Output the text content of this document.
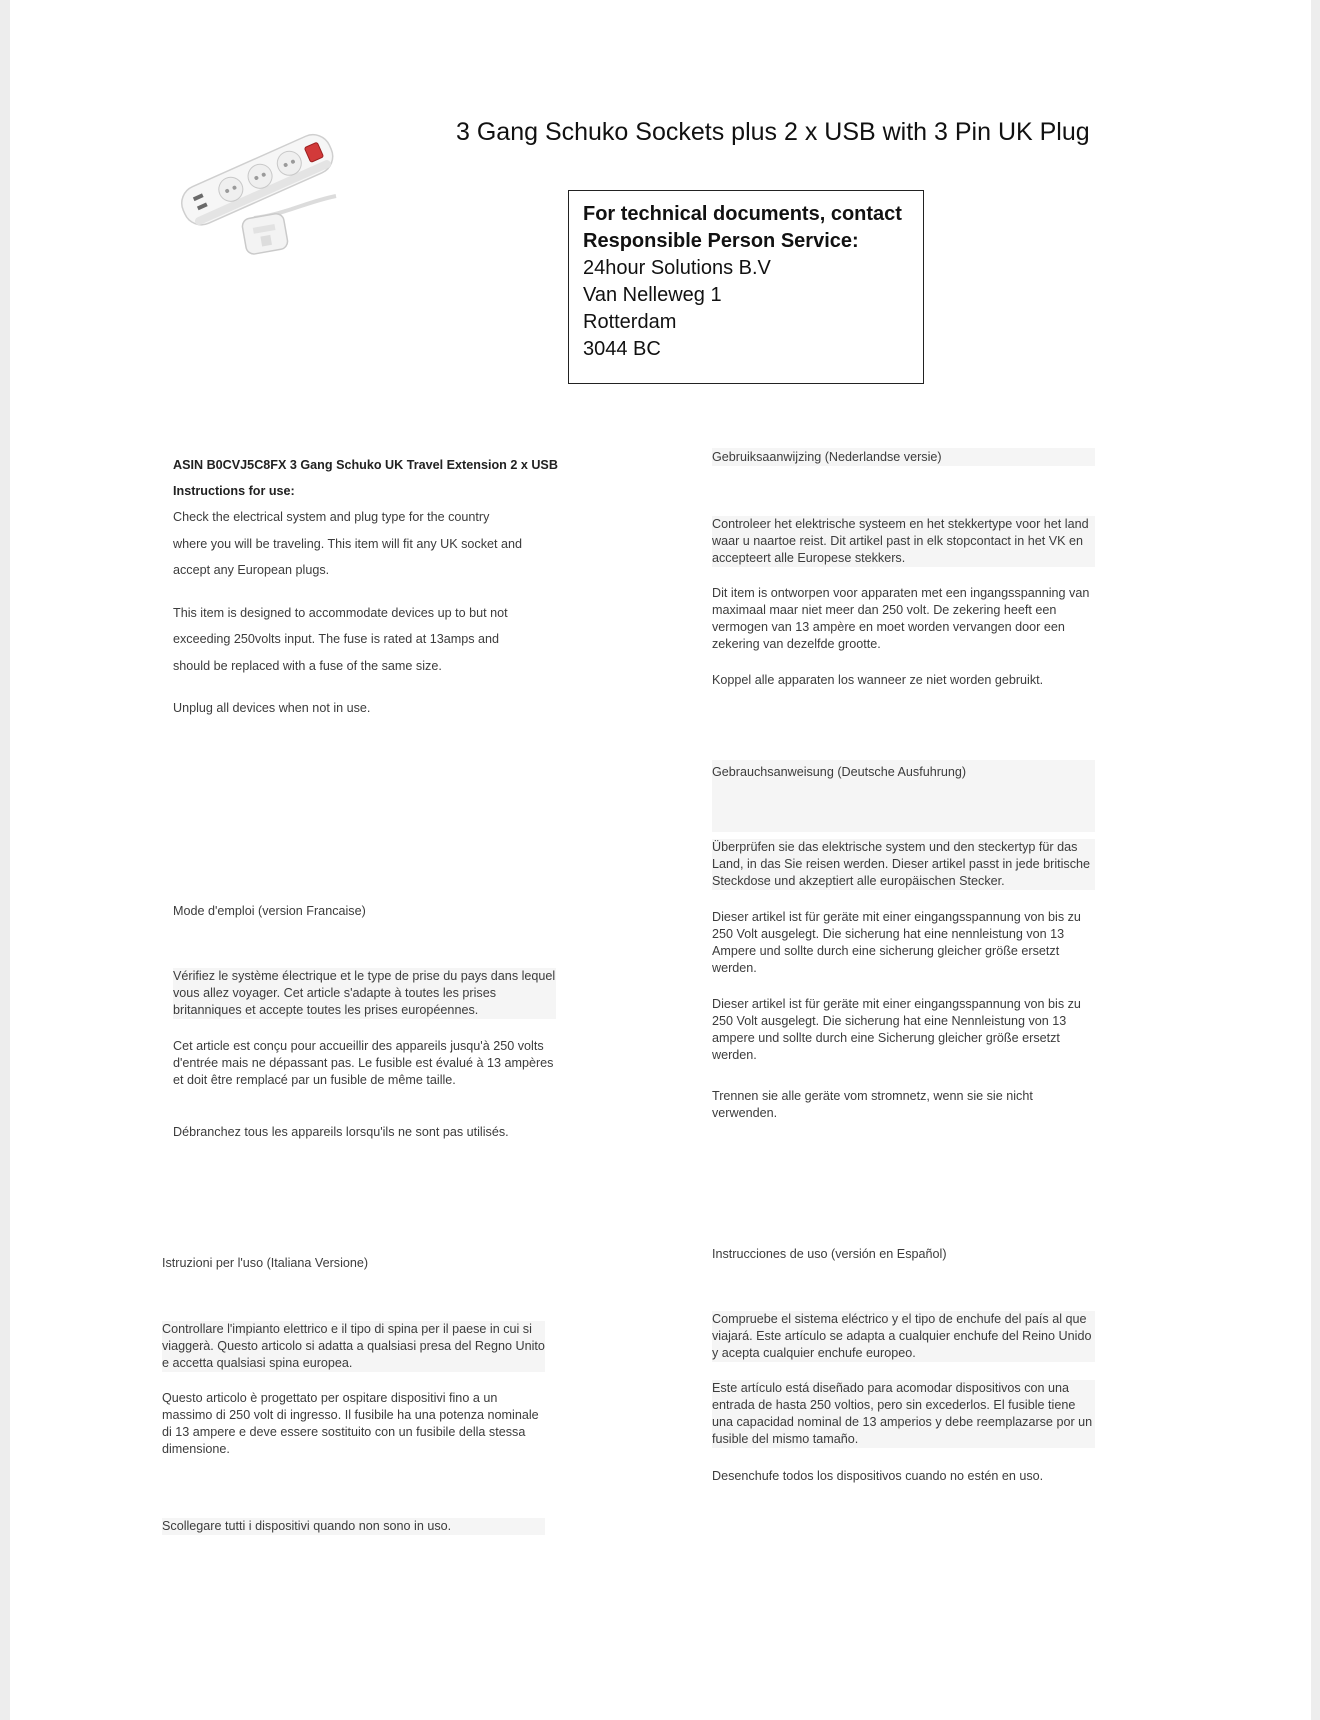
3 Gang Schuko Sockets plus 2 x USB with 3 Pin UK Plug
For technical documents, contact
Responsible Person Service:
24hour Solutions B.V
Van Nelleweg 1
Rotterdam
3044 BC
ASIN B0CVJ5C8FX 3 Gang Schuko UK Travel Extension 2 x USB
Instructions for use:
Check the electrical system and plug type for the country
where you will be traveling. This item will fit any UK socket and
accept any European plugs.
This item is designed to accommodate devices up to but not
exceeding 250volts input. The fuse is rated at 13amps and
should be replaced with a fuse of the same size.
Unplug all devices when not in use.
Gebruiksaanwijzing (Nederlandse versie)
Controleer het elektrische systeem en het stekkertype voor het land waar u naartoe reist. Dit artikel past in elk stopcontact in het VK en accepteert alle Europese stekkers.
Dit item is ontworpen voor apparaten met een ingangsspanning van maximaal maar niet meer dan 250 volt. De zekering heeft een vermogen van 13 ampère en moet worden vervangen door een zekering van dezelfde grootte.
Koppel alle apparaten los wanneer ze niet worden gebruikt.
Gebrauchsanweisung (Deutsche Ausfuhrung)
Überprüfen sie das elektrische system und den steckertyp für das Land, in das Sie reisen werden. Dieser artikel passt in jede britische Steckdose und akzeptiert alle europäischen Stecker.
Dieser artikel ist für geräte mit einer eingangsspannung von bis zu 250 Volt ausgelegt. Die sicherung hat eine nennleistung von 13 Ampere und sollte durch eine sicherung gleicher größe ersetzt werden.
Dieser artikel ist für geräte mit einer eingangsspannung von bis zu 250 Volt ausgelegt. Die sicherung hat eine Nennleistung von 13 ampere und sollte durch eine Sicherung gleicher größe ersetzt werden.
Trennen sie alle geräte vom stromnetz, wenn sie sie nicht verwenden.
Mode d'emploi (version Francaise)
Vérifiez le système électrique et le type de prise du pays dans lequel vous allez voyager. Cet article s'adapte à toutes les prises britanniques et accepte toutes les prises européennes.
Cet article est conçu pour accueillir des appareils jusqu'à 250 volts d'entrée mais ne dépassant pas. Le fusible est évalué à 13 ampères et doit être remplacé par un fusible de même taille.
Débranchez tous les appareils lorsqu'ils ne sont pas utilisés.
Istruzioni per l'uso (Italiana Versione)
Controllare l'impianto elettrico e il tipo di spina per il paese in cui si viaggerà. Questo articolo si adatta a qualsiasi presa del Regno Unito e accetta qualsiasi spina europea.
Questo articolo è progettato per ospitare dispositivi fino a un massimo di 250 volt di ingresso. Il fusibile ha una potenza nominale di 13 ampere e deve essere sostituito con un fusibile della stessa dimensione.
Scollegare tutti i dispositivi quando non sono in uso.
Instrucciones de uso (versión en Español)
Compruebe el sistema eléctrico y el tipo de enchufe del país al que viajará. Este artículo se adapta a cualquier enchufe del Reino Unido y acepta cualquier enchufe europeo.
Este artículo está diseñado para acomodar dispositivos con una entrada de hasta 250 voltios, pero sin excederlos. El fusible tiene una capacidad nominal de 13 amperios y debe reemplazarse por un fusible del mismo tamaño.
Desenchufe todos los dispositivos cuando no estén en uso.
